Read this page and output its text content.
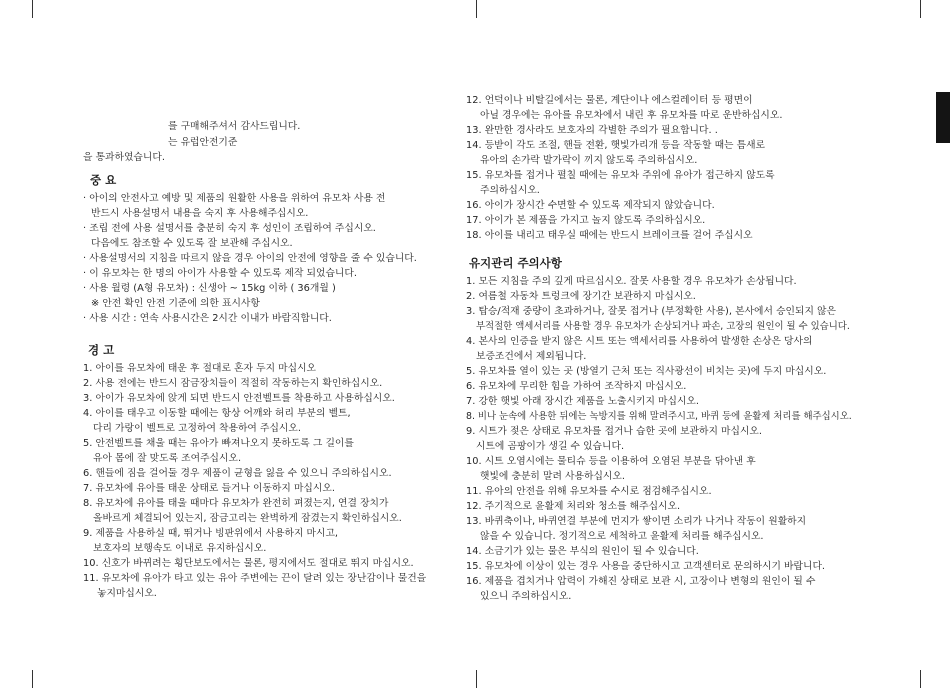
를 구매해주셔서 감사드립니다.
는 유럽안전기준
을 통과하였습니다.
중 요
· 아이의 안전사고 예방 및 제품의 원활한 사용을 위하여 유모차 사용 전
반드시 사용설명서 내용을 숙지 후 사용해주십시오.
· 조립 전에 사용 설명서를 충분히 숙지 후 성인이 조립하여 주십시오.
다음에도 참조할 수 있도록 잘 보관해 주십시오.
· 사용설명서의 지침을 따르지 않을 경우 아이의 안전에 영향을 줄 수 있습니다.
· 이 유모차는 한 명의 아이가 사용할 수 있도록 제작 되었습니다.
· 사용 월령 (A형 유모차) : 신생아 ~ 15kg 이하 ( 36개월 )
※ 안전 확인 안전 기준에 의한 표시사항
· 사용 시간 : 연속 사용시간은 2시간 이내가 바람직합니다.
경 고
1. 아이를 유모차에 태운 후 절대로 혼자 두지 마십시오
2. 사용 전에는 반드시 잠금장치들이 적절히 작동하는지 확인하십시오.
3. 아이가 유모차에 앉게 되면 반드시 안전벨트를 착용하고 사용하십시오.
4. 아이를 태우고 이동할 때에는 항상 어깨와 허리 부분의 벨트,
다리 가랑이 벨트로 고정하여 착용하여 주십시오.
5. 안전벨트를 채울 때는 유아가 빠져나오지 못하도록 그 길이를
유아 몸에 잘 맞도록 조여주십시오.
6. 핸들에 짐을 걸어둘 경우 제품이 균형을 잃을 수 있으니 주의하십시오.
7. 유모차에 유아를 태운 상태로 들거나 이동하지 마십시오.
8. 유모차에 유아를 태울 때마다 유모차가 완전히 펴졌는지, 연결 장치가
올바르게 체결되어 있는지, 잠금고리는 완벽하게 잠겼는지 확인하십시오.
9. 제품을 사용하실 때, 뛰거나 빙판위에서 사용하지 마시고,
보호자의 보행속도 이내로 유지하십시오.
10. 신호가 바뀌려는 횡단보도에서는 물론, 평지에서도 절대로 뛰지 마십시오.
11. 유모차에 유아가 타고 있는 유아 주변에는 끈이 달려 있는 장난감이나 물건을
놓지마십시오.
12. 언덕이나 비탈길에서는 물론, 계단이나 에스컬레이터 등 평면이
아닐 경우에는 유아를 유모차에서 내린 후 유모차를 따로 운반하십시오.
13. 완만한 경사라도 보호자의 각별한 주의가 필요합니다. .
14. 등받이 각도 조절, 핸들 전환, 햇빛가리개 등을 작동할 때는 틈새로
유아의 손가락 발가락이 끼지 않도록 주의하십시오.
15. 유모차를 접거나 펼칠 때에는 유모차 주위에 유아가 접근하지 않도록
주의하십시오.
16. 아이가 장시간 수면할 수 있도록 제작되지 않았습니다.
17. 아이가 본 제품을 가지고 놀지 않도록 주의하십시오.
18. 아이를 내리고 태우실 때에는 반드시 브레이크를 걸어 주십시오
유지관리 주의사항
1. 모든 지침을 주의 깊게 따르십시오. 잘못 사용할 경우 유모차가 손상됩니다.
2. 여름철 자동차 트렁크에 장기간 보관하지 마십시오.
3. 탑승/적재 중량이 초과하거나, 잘못 접거나 (부정확한 사용), 본사에서 승인되지 않은
부적절한 액세서리를 사용할 경우 유모차가 손상되거나 파손, 고장의 원인이 될 수 있습니다.
4. 본사의 인증을 받지 않은 시트 또는 액세서리를 사용하여 발생한 손상은 당사의
보증조건에서 제외됩니다.
5. 유모차를 열이 있는 곳 (방열기 근처 또는 직사광선이 비치는 곳)에 두지 마십시오.
6. 유모차에 무리한 힘을 가하여 조작하지 마십시오.
7. 강한 햇빛 아래 장시간 제품을 노출시키지 마십시오.
8. 비나 눈속에 사용한 뒤에는 녹방지를 위해 말려주시고, 바퀴 등에 윤활제 처리를 해주십시오.
9. 시트가 젖은 상태로 유모차를 접거나 습한 곳에 보관하지 마십시오.
시트에 곰팡이가 생길 수 있습니다.
10. 시트 오염시에는 물티슈 등을 이용하여 오염된 부분을 닦아낸 후
햇빛에 충분히 말려 사용하십시오.
11. 유아의 안전을 위해 유모차를 수시로 점검해주십시오.
12. 주기적으로 윤활제 처리와 청소를 해주십시오.
13. 바퀴축이나, 바퀴연결 부분에 먼지가 쌓이면 소리가 나거나 작동이 원활하지
않을 수 있습니다. 정기적으로 세척하고 윤활제 처리를 해주십시오.
14. 소금기가 있는 물은 부식의 원인이 될 수 있습니다.
15. 유모차에 이상이 있는 경우 사용을 중단하시고 고객센터로 문의하시기 바랍니다.
16. 제품을 겹치거나 압력이 가해진 상태로 보관 시, 고장이나 변형의 원인이 될 수
있으니 주의하십시오.
